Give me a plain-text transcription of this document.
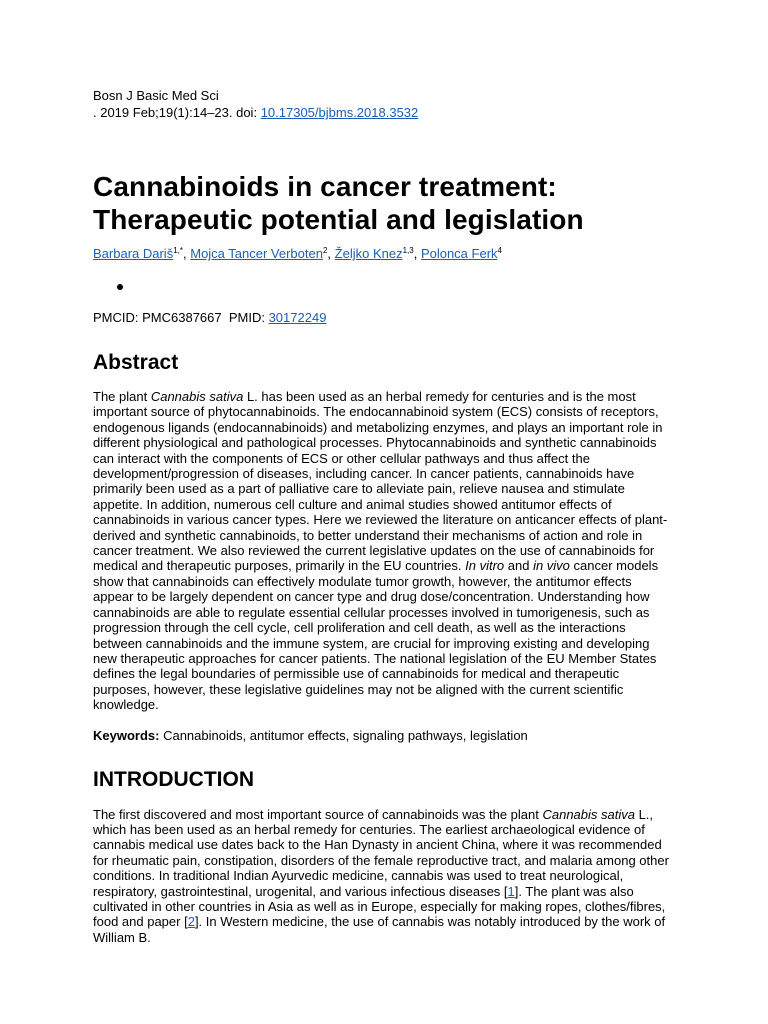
Bosn J Basic Med Sci

. 2019 Feb;19(1):14–23. doi: 10.17305/bjbms.2018.3532

Cannabinoids in cancer treatment: Therapeutic potential and legislation

Barbara Dariš$^{1,*}$, Mojca Tancer Verboten$^2$, Željko Knez$^{1,3}$, Polonca Ferk$^4$

PMCID: PMC6387667  PMID: 30172249

Abstract

The plant Cannabis sativa L. has been used as an herbal remedy for centuries and is the most important source of phytocannabinoids. The endocannabinoid system (ECS) consists of receptors, endogenous ligands (endocannabinoids) and metabolizing enzymes, and plays an important role in different physiological and pathological processes. Phytocannabinoids and synthetic cannabinoids can interact with the components of ECS or other cellular pathways and thus affect the development/progression of diseases, including cancer. In cancer patients, cannabinoids have primarily been used as a part of palliative care to alleviate pain, relieve nausea and stimulate appetite. In addition, numerous cell culture and animal studies showed antitumor effects of cannabinoids in various cancer types. Here we reviewed the literature on anticancer effects of plant-derived and synthetic cannabinoids, to better understand their mechanisms of action and role in cancer treatment. We also reviewed the current legislative updates on the use of cannabinoids for medical and therapeutic purposes, primarily in the EU countries. In vitro and in vivo cancer models show that cannabinoids can effectively modulate tumor growth, however, the antitumor effects appear to be largely dependent on cancer type and drug dose/concentration. Understanding how cannabinoids are able to regulate essential cellular processes involved in tumorigenesis, such as progression through the cell cycle, cell proliferation and cell death, as well as the interactions between cannabinoids and the immune system, are crucial for improving existing and developing new therapeutic approaches for cancer patients. The national legislation of the EU Member States defines the legal boundaries of permissible use of cannabinoids for medical and therapeutic purposes, however, these legislative guidelines may not be aligned with the current scientific knowledge.

Keywords: Cannabinoids, antitumor effects, signaling pathways, legislation

INTRODUCTION

The first discovered and most important source of cannabinoids was the plant Cannabis sativa L., which has been used as an herbal remedy for centuries. The earliest archaeological evidence of cannabis medical use dates back to the Han Dynasty in ancient China, where it was recommended for rheumatic pain, constipation, disorders of the female reproductive tract, and malaria among other conditions. In traditional Indian Ayurvedic medicine, cannabis was used to treat neurological, respiratory, gastrointestinal, urogenital, and various infectious diseases [1]. The plant was also cultivated in other countries in Asia as well as in Europe, especially for making ropes, clothes/fibres, food and paper [2]. In Western medicine, the use of cannabis was notably introduced by the work of William B.
